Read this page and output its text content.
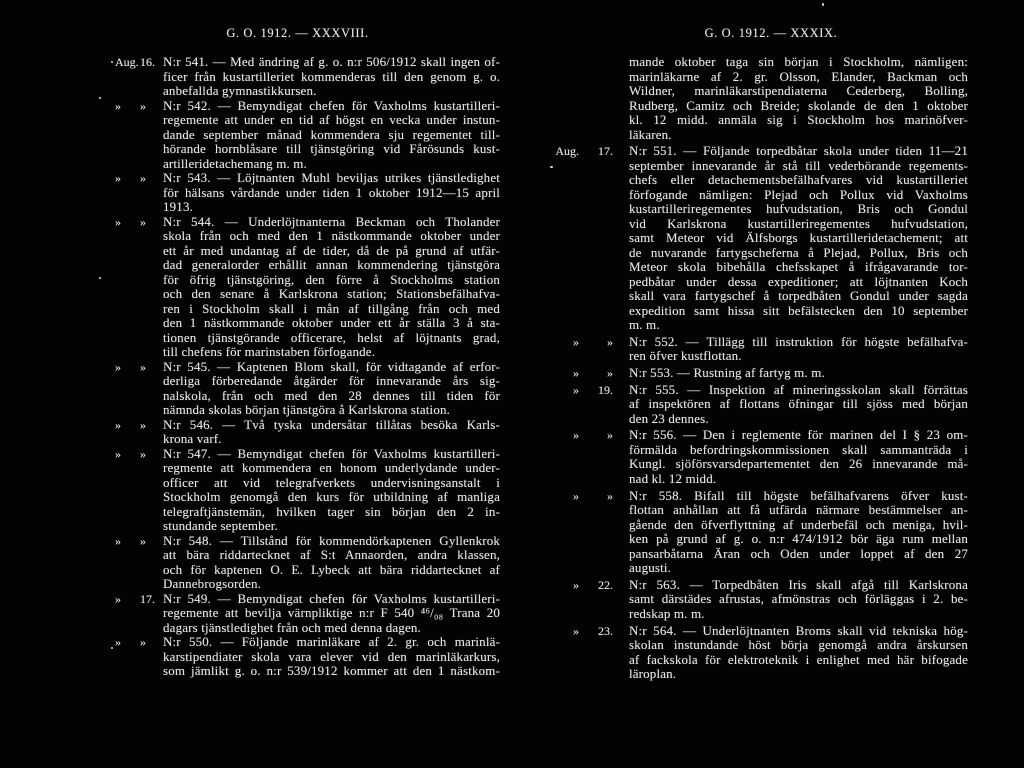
G. O. 1912. — XXXVIII.
Aug. 16. N:r 541. — Med ändring af g. o. n:r 506/1912 skall ingen of-
ficer från kustartilleriet kommenderas till den genom g. o.
anbefallda gymnastikkursen.
»	»	N:r 542. — Bemyndigat chefen för Vaxholms kustartilleri-
regemente att under en tid af högst en vecka under instun-
dande september månad kommendera sju regementet till-
hörande hornblåsare till tjänstgöring vid Fårösunds kust-
artilleridetachemang m. m.
»	»	N:r 543. — Löjtnanten Muhl beviljas utrikes tjänstledighet
för hälsans vårdande under tiden 1 oktober 1912—15 april
1913.
»	»	N:r 544. — Underlöjtnanterna Beckman och Tholander
skola från och med den 1 nästkommande oktober under
ett år med undantag af de tider, då de på grund af utfär-
dad generalorder erhållit annan kommendering tjänstgöra
för öfrig tjänstgöring, den förre å Stockholms station
och den senare å Karlskrona station; Stationsbefälhafva-
ren i Stockholm skall i mån af tillgång från och med
den 1 nästkommande oktober under ett år ställa 3 å sta-
tionen tjänstgörande officerare, helst af löjtnants grad,
till chefens för marinstaben förfogande.
»	»	N:r 545. — Kaptenen Blom skall, för vidtagande af erfor-
derliga förberedande åtgärder för innevarande års sig-
nalskola, från och med den 28 dennes till tiden för
nämnda skolas början tjänstgöra å Karlskrona station.
»	»	N:r 546. — Två tyska undersåtar tillåtas besöka Karls-
krona varf.
»	»	N:r 547. — Bemyndigat chefen för Vaxholms kustartilleri-
regmente att kommendera en honom underlydande under-
officer att vid telegrafverkets undervisningsanstalt i
Stockholm genomgå den kurs för utbildning af manliga
telegraftjänstemän, hvilken tager sin början den 2 in-
stundande september.
»	»	N:r 548. — Tillstånd för kommendörkaptenen Gyllenkrok
att bära riddartecknet af S:t Annaorden, andra klassen,
och för kaptenen O. E. Lybeck att bära riddartecknet af
Dannebrogsorden.
»	17. N:r 549. — Bemyndigat chefen för Vaxholms kustartilleri-
regemente att bevilja värnpliktige n:r F 540 ⁴⁶/₀₈ Trana 20
dagars tjänstledighet från och med denna dagen.
»	»	N:r 550. — Följande marinläkare af 2. gr. och marinlä-
karstipendiater skola vara elever vid den marinläkarkurs,
som jämlikt g. o. n:r 539/1912 kommer att den 1 nästkom-
G. O. 1912. — XXXIX.
mande oktober taga sin början i Stockholm, nämligen:
marinläkarne af 2. gr. Olsson, Elander, Backman och
Wildner, marinläkarstipendiaterna Cederberg, Bolling,
Rudberg, Camitz och Breide; skolande de den 1 oktober
kl. 12 midd. anmäla sig i Stockholm hos marinöfver-
läkaren.
Aug.	17.	N:r 551. — Följande torpedbåtar skola under tiden 11—21
september innevarande år stå till vederbörande regements-
chefs eller detachementsbefälhafvares vid kustartilleriet
förfogande nämligen: Plejad och Pollux vid Vaxholms
kustartilleriregementes hufvudstation, Bris och Gondul
vid Karlskrona kustartilleriregementes hufvudstation,
samt Meteor vid Älfsborgs kustartilleridetachement; att
de nuvarande fartygscheferna å Plejad, Pollux, Bris och
Meteor skola bibehålla chefsskapet å ifrågavarande tor-
pedbåtar under dessa expeditioner; att löjtnanten Koch
skall vara fartygschef å torpedbåten Gondul under sagda
expedition samt hissa sitt befälstecken den 10 september
m. m.
»	»	N:r 552. — Tillägg till instruktion för högste befälhafva-
ren öfver kustflottan.
»	»	N:r 553. — Rustning af fartyg m. m.
»	19.	N:r 555. — Inspektion af mineringsskolan skall förrättas
af inspektören af flottans öfningar till sjöss med början
den 23 dennes.
»	»	N:r 556. — Den i reglemente för marinen del I § 23 om-
förmälda befordringskommissionen skall sammanträda i
Kungl. sjöförsvarsdepartementet den 26 innevarande må-
nad kl. 12 midd.
»	»	N:r 558. Bifall till högste befälhafvarens öfver kust-
flottan anhållan att få utfärda närmare bestämmelser an-
gående den öfverflyttning af underbefäl och meniga, hvil-
ken på grund af g. o. n:r 474/1912 bör äga rum mellan
pansarbåtarna Äran och Oden under loppet af den 27
augusti.
»	22.	N:r 563. — Torpedbåten Iris skall afgå till Karlskrona
samt därstädes afrustas, afmönstras och förläggas i 2. be-
redskap m. m.
»	23.	N:r 564. — Underlöjtnanten Broms skall vid tekniska hög-
skolan instundande höst börja genomgå andra årskursen
af fackskola för elektroteknik i enlighet med här bifogade
läroplan.
